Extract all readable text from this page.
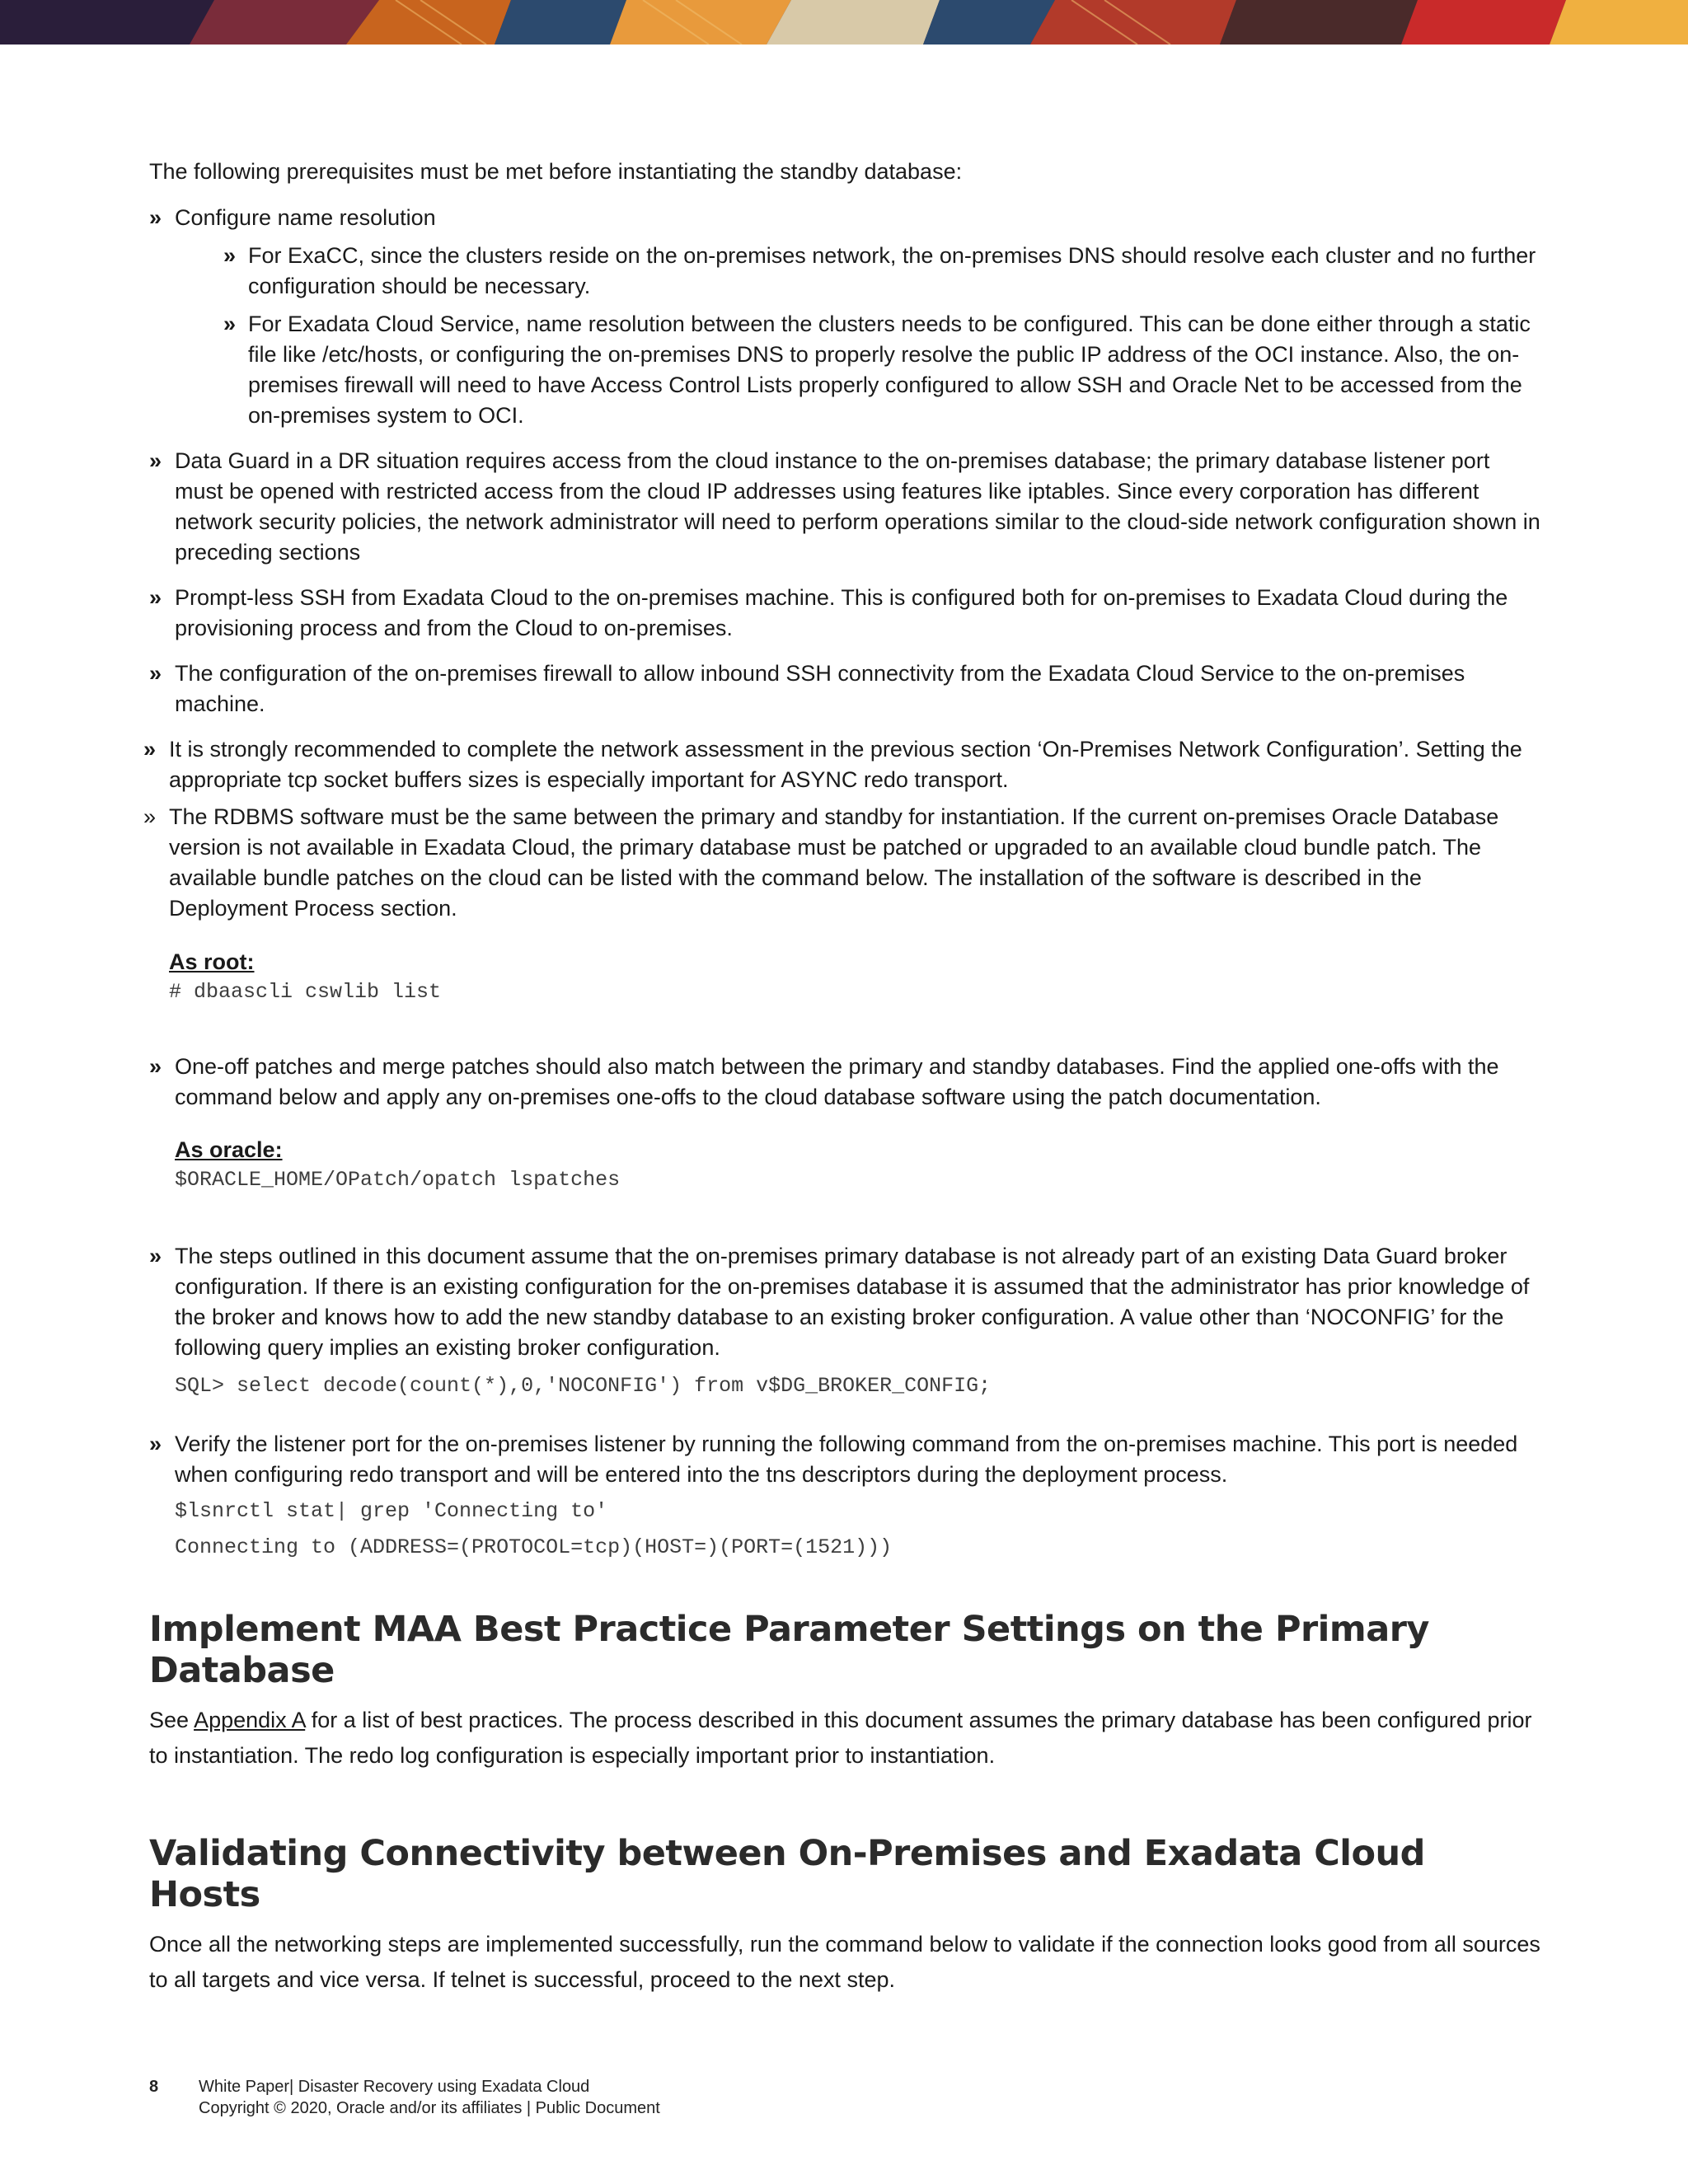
The following prerequisites must be met before instantiating the standby database:

» Configure name resolution
» For ExaCC, since the clusters reside on the on-premises network, the on-premises DNS should resolve each cluster and no further configuration should be necessary.
» For Exadata Cloud Service, name resolution between the clusters needs to be configured. This can be done either through a static file like /etc/hosts, or configuring the on-premises DNS to properly resolve the public IP address of the OCI instance. Also, the on-premises firewall will need to have Access Control Lists properly configured to allow SSH and Oracle Net to be accessed from the on-premises system to OCI.
» Data Guard in a DR situation requires access from the cloud instance to the on-premises database; the primary database listener port must be opened with restricted access from the cloud IP addresses using features like iptables. Since every corporation has different network security policies, the network administrator will need to perform operations similar to the cloud-side network configuration shown in preceding sections
» Prompt-less SSH from Exadata Cloud to the on-premises machine. This is configured both for on-premises to Exadata Cloud during the provisioning process and from the Cloud to on-premises.
» The configuration of the on-premises firewall to allow inbound SSH connectivity from the Exadata Cloud Service to the on-premises machine.
» It is strongly recommended to complete the network assessment in the previous section ‘On-Premises Network Configuration’. Setting the appropriate tcp socket buffers sizes is especially important for ASYNC redo transport.
» The RDBMS software must be the same between the primary and standby for instantiation. If the current on-premises Oracle Database version is not available in Exadata Cloud, the primary database must be patched or upgraded to an available cloud bundle patch. The available bundle patches on the cloud can be listed with the command below. The installation of the software is described in the Deployment Process section.
As root:
# dbaascli cswlib list
» One-off patches and merge patches should also match between the primary and standby databases. Find the applied one-offs with the command below and apply any on-premises one-offs to the cloud database software using the patch documentation.
As oracle:
$ORACLE_HOME/OPatch/opatch lspatches
» The steps outlined in this document assume that the on-premises primary database is not already part of an existing Data Guard broker configuration. If there is an existing configuration for the on-premises database it is assumed that the administrator has prior knowledge of the broker and knows how to add the new standby database to an existing broker configuration. A value other than ‘NOCONFIG’ for the following query implies an existing broker configuration.
SQL> select decode(count(*),0,'NOCONFIG') from v$DG_BROKER_CONFIG;
» Verify the listener port for the on-premises listener by running the following command from the on-premises machine. This port is needed when configuring redo transport and will be entered into the tns descriptors during the deployment process.
$lsnrctl stat| grep 'Connecting to'
Connecting to (ADDRESS=(PROTOCOL=tcp)(HOST=)(PORT=(1521)))
Implement MAA Best Practice Parameter Settings on the Primary Database

See Appendix A for a list of best practices. The process described in this document assumes the primary database has been configured prior to instantiation. The redo log configuration is especially important prior to instantiation.

Validating Connectivity between On-Premises and Exadata Cloud Hosts

Once all the networking steps are implemented successfully, run the command below to validate if the connection looks good from all sources to all targets and vice versa. If telnet is successful, proceed to the next step.

8 White Paper| Disaster Recovery using Exadata Cloud
Copyright © 2020, Oracle and/or its affiliates | Public Document
